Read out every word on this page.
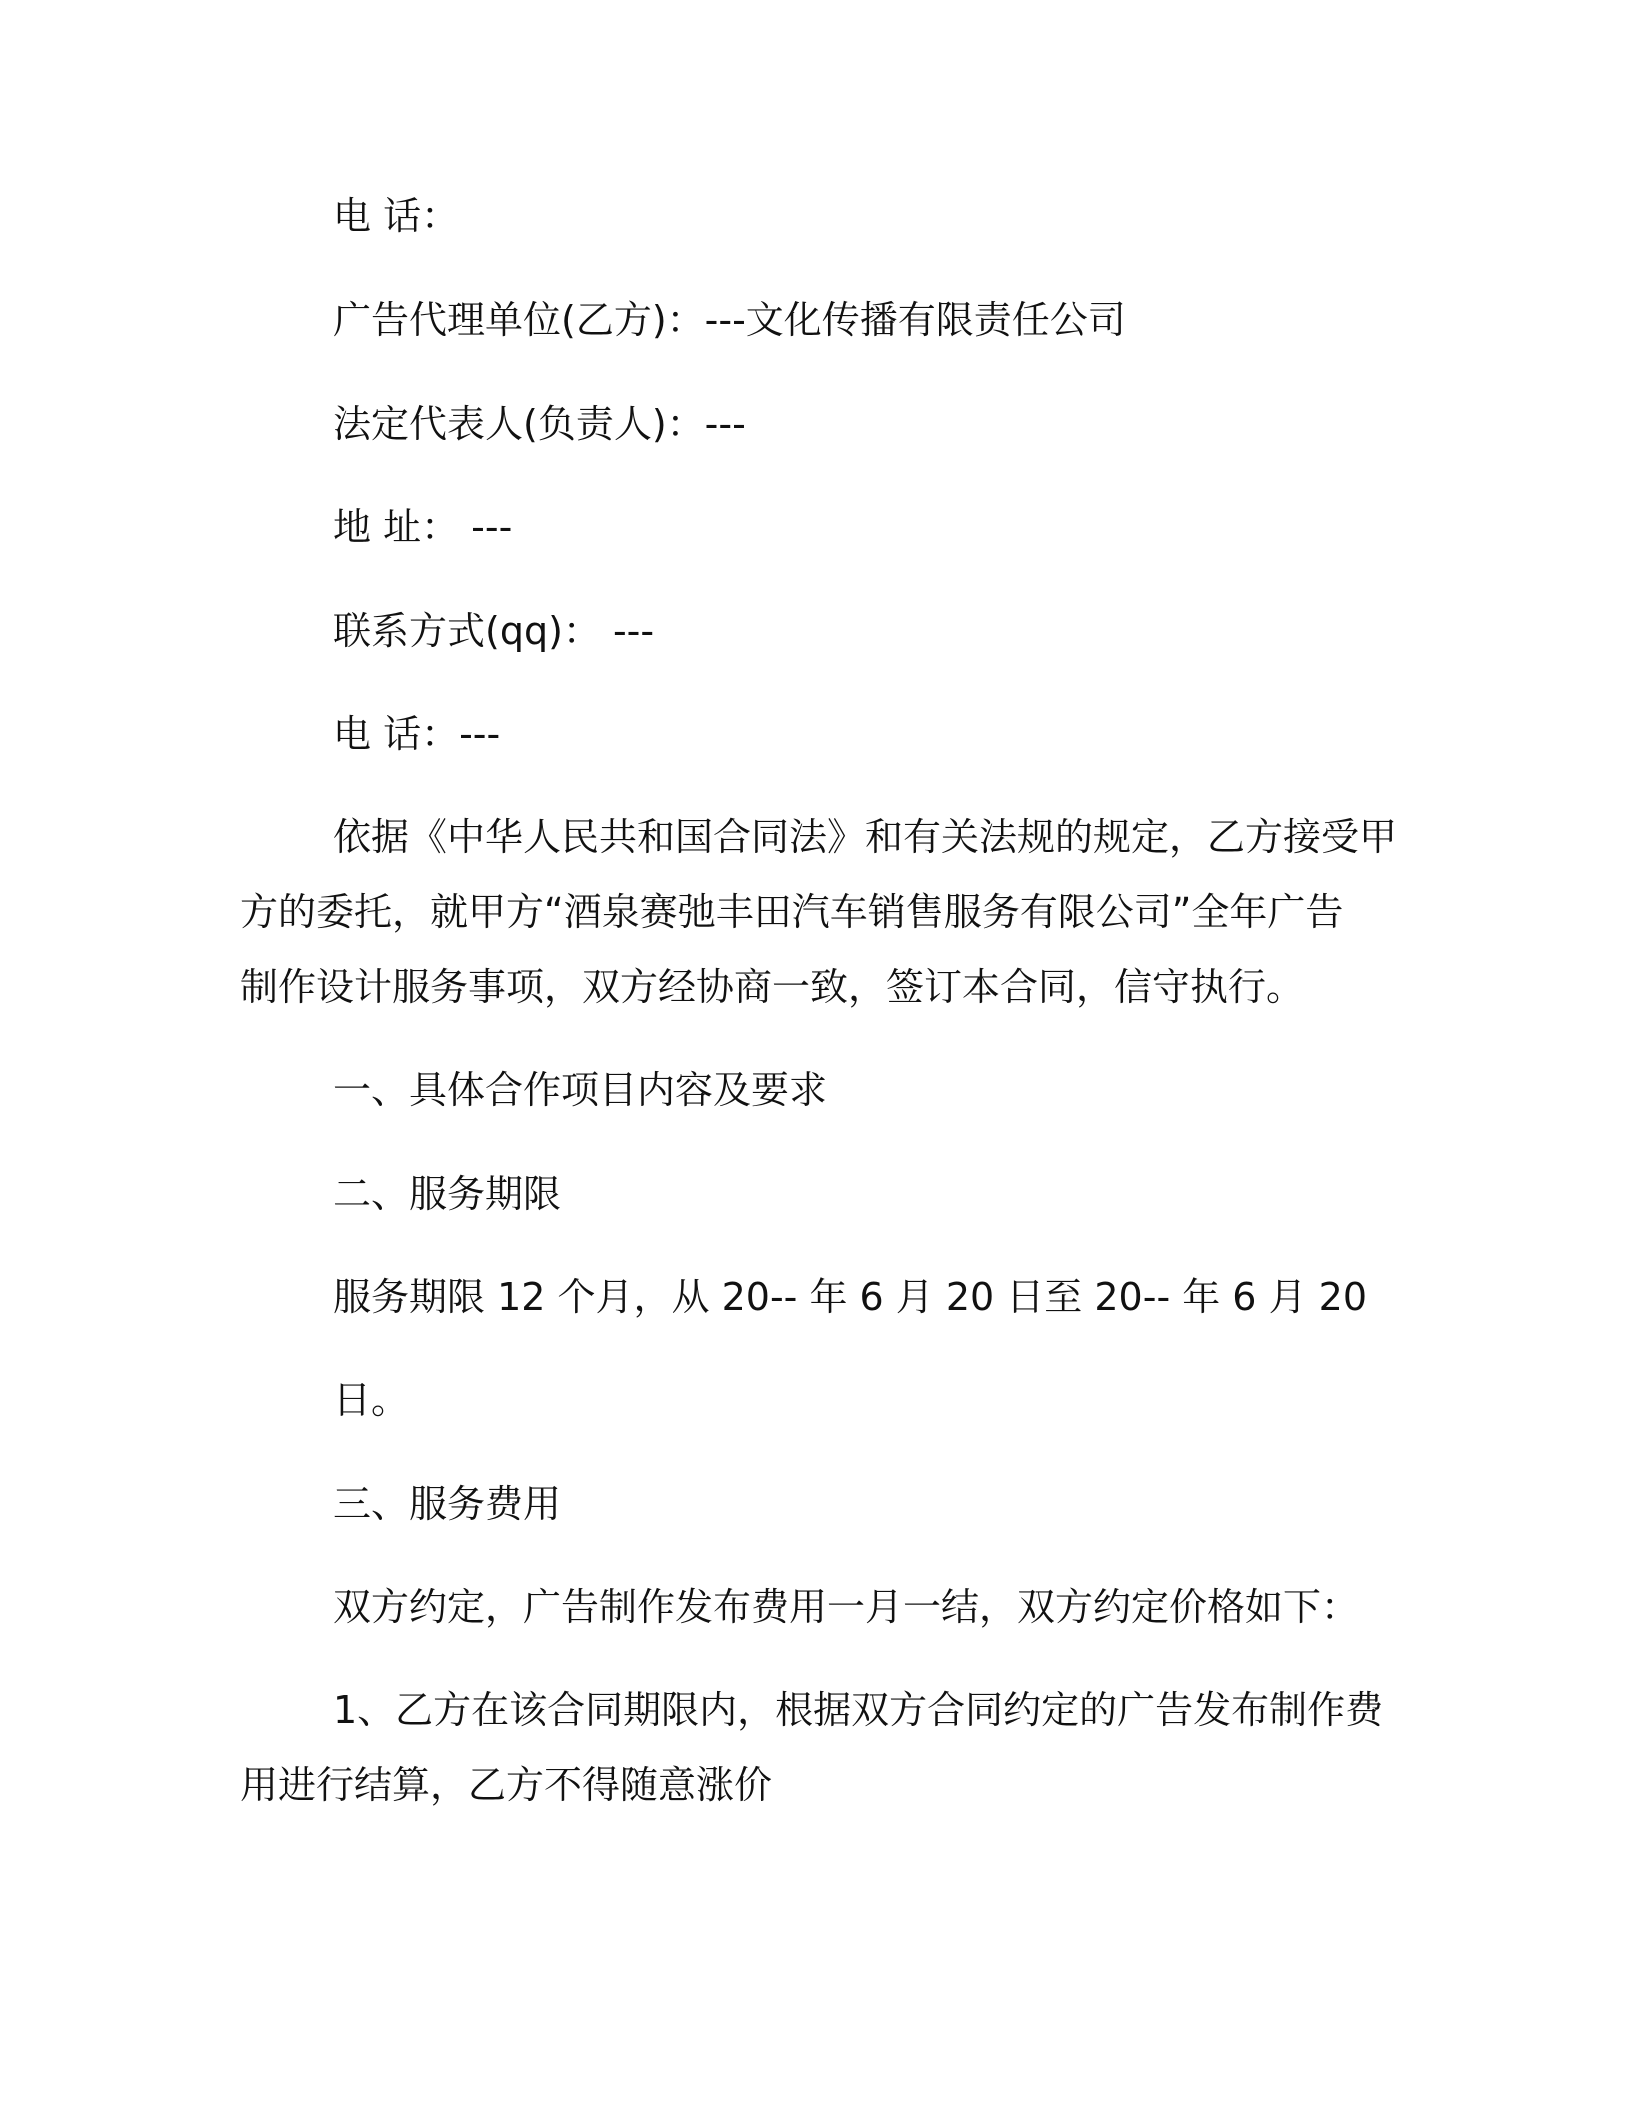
电 话：
广告代理单位(乙方)：---文化传播有限责任公司
法定代表人(负责人)：---
地 址： ---
联系方式(qq)： ---
电 话：---
依据《中华人民共和国合同法》和有关法规的规定，乙方接受甲
方的委托，就甲方“酒泉赛弛丰田汽车销售服务有限公司”全年广告
制作设计服务事项，双方经协商一致，签订本合同，信守执行。
一、具体合作项目内容及要求
二、服务期限
服务期限 12 个月，从 20-- 年 6 月 20 日至 20-- 年 6 月 20
日。
三、服务费用
双方约定，广告制作发布费用一月一结，双方约定价格如下：
1、乙方在该合同期限内，根据双方合同约定的广告发布制作费
用进行结算，乙方不得随意涨价
